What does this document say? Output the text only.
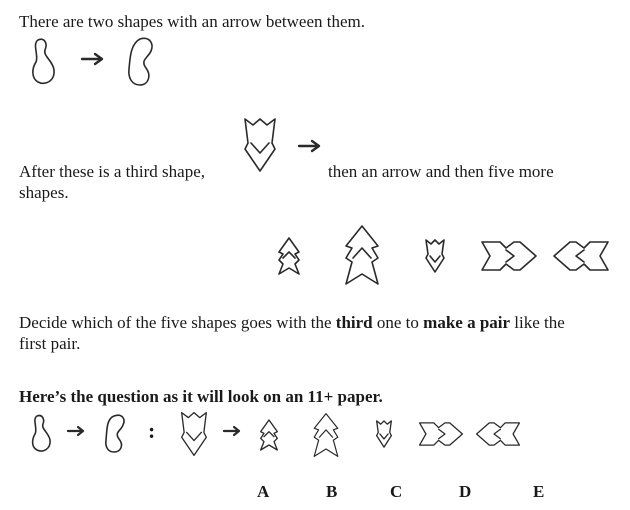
There are two shapes with an arrow between them.

After these is a third shape,	then an arrow and then five more

shapes.

Decide which of the five shapes goes with the third one to make a pair like the

first pair.

Here’s the question as it will look on an 11+ paper.

:
A	B	C	D	E
